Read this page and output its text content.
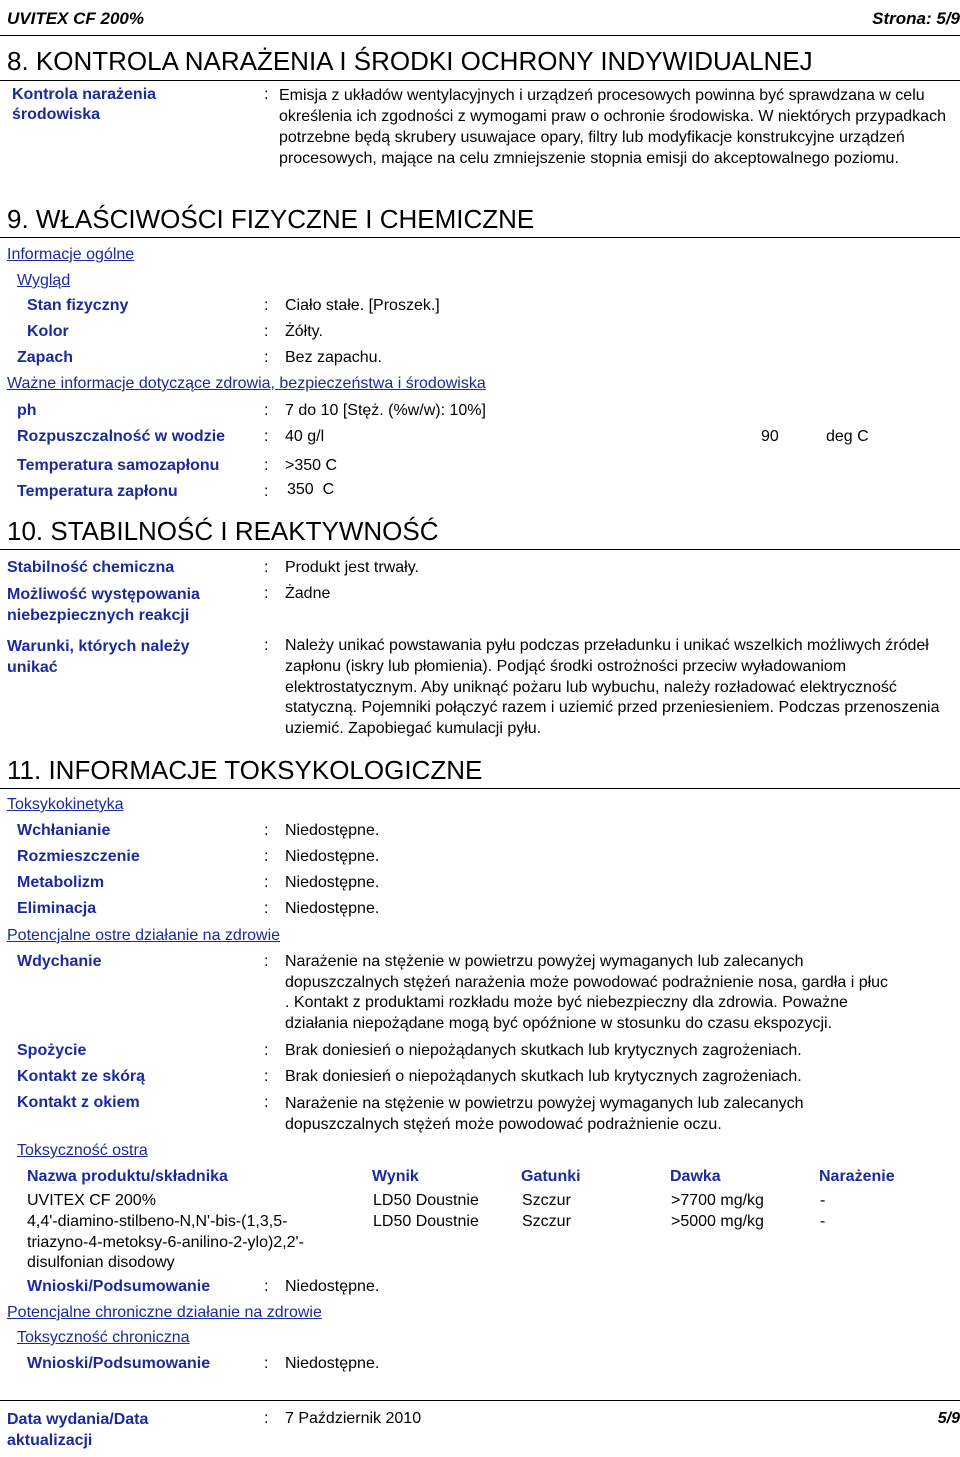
UVITEX CF 200%	Strona: 5/9
8. KONTROLA NARAŻENIA I ŚRODKI OCHRONY INDYWIDUALNEJ
Kontrola narażenia środowiska
: Emisja z układów wentylacyjnych i urządzeń procesowych powinna być sprawdzana w celu określenia ich zgodności z wymogami praw o ochronie środowiska. W niektórych przypadkach potrzebne będą skrubery usuwajace opary, filtry lub modyfikacje konstrukcyjne urządzeń procesowych, mające na celu zmniejszenie stopnia emisji do akceptowalnego poziomu.
9. WŁAŚCIWOŚCI FIZYCZNE I CHEMICZNE
Informacje ogólne
Wygląd
Stan fizyczny	: Ciało stałe. [Proszek.]
Kolor	: Żółty.
Zapach	: Bez zapachu.
Ważne informacje dotyczące zdrowia, bezpieczeństwa i środowiska
ph	: 7 do 10 [Stęż. (%w/w): 10%]
Rozpuszczalność w wodzie : 40 g/l	90	deg C
Temperatura samozapłonu	: >350 C
Temperatura zapłonu	: 350  C
10. STABILNOŚĆ I REAKTYWNOŚĆ
Stabilność chemiczna	: Produkt jest trwały.
Możliwość występowania niebezpiecznych reakcji
: Żadne
Warunki, których należy unikać
: Należy unikać powstawania pyłu podczas przeładunku i unikać wszelkich możliwych źródeł zapłonu (iskry lub płomienia). Podjąć środki ostrożności przeciw wyładowaniom elektrostatycznym. Aby uniknąć pożaru lub wybuchu, należy rozładować elektryczność statyczną. Pojemniki połączyć razem i uziemić przed przeniesieniem. Podczas przenoszenia uziemić. Zapobiegać kumulacji pyłu.
11. INFORMACJE TOKSYKOLOGICZNE
Toksykokinetyka
Wchłanianie	: Niedostępne.
Rozmieszczenie	: Niedostępne.
Metabolizm	: Niedostępne.
Eliminacja	: Niedostępne.
Potencjalne ostre działanie na zdrowie
Wdychanie	: Narażenie na stężenie w powietrzu powyżej wymaganych lub zalecanych
dopuszczalnych stężeń narażenia może powodować podrażnienie nosa, gardła i płuc
. Kontakt z produktami rozkładu może być niebezpieczny dla zdrowia. Poważne
działania niepożądane mogą być opóźnione w stosunku do czasu ekspozycji.
Spożycie	: Brak doniesień o niepożądanych skutkach lub krytycznych zagrożeniach.
Kontakt ze skórą	: Brak doniesień o niepożądanych skutkach lub krytycznych zagrożeniach.
Kontakt z okiem	: Narażenie na stężenie w powietrzu powyżej wymaganych lub zalecanych dopuszczalnych stężeń może powodować podrażnienie oczu.
Toksyczność ostra
Nazwa produktu/składnika	Wynik	Gatunki	Dawka	Narażenie
UVITEX CF 200%	LD50 Doustnie	Szczur	>7700 mg/kg	-
4,4'-diamino-stilbeno-N,N'-bis-(1,3,5-triazyno-4-metoksy-6-anilino-2-ylo)2,2'-disulfonian disodowy
LD50 Doustnie	Szczur	>5000 mg/kg	-
Wnioski/Podsumowanie	: Niedostępne.
Potencjalne chroniczne działanie na zdrowie
Toksyczność chroniczna
Wnioski/Podsumowanie	: Niedostępne.
Data wydania/Data aktualizacji
: 7 Październik 2010	5/9
